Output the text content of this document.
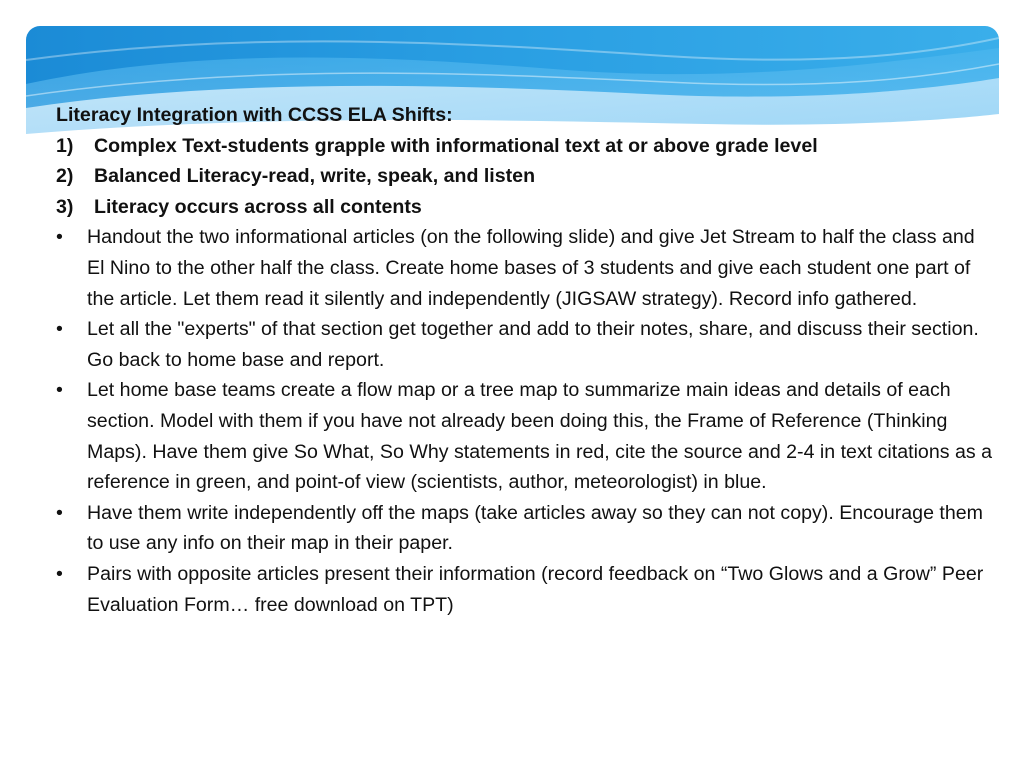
Literacy Integration with CCSS ELA Shifts:
1)	Complex Text-students grapple with informational text at or above grade level
2)	Balanced Literacy-read, write, speak, and listen
3)	Literacy occurs across all contents
• Handout the two informational articles (on the following slide) and give Jet Stream to half the class and El Nino to the other half the class. Create home bases of 3 students and give each student one part of the article. Let them read it silently and independently (JIGSAW strategy). Record info gathered.
• Let all the "experts" of that section get together and add to their notes, share, and discuss their section. Go back to home base and report.
• Let home base teams create a flow map or a tree map to summarize main ideas and details of each section. Model with them if you have not already been doing this, the Frame of Reference (Thinking Maps). Have them give So What, So Why statements in red, cite the source and 2-4 in text citations as a reference in green, and point-of view (scientists, author, meteorologist) in blue.
• Have them write independently off the maps (take articles away so they can not copy). Encourage them to use any info on their map in their paper.
• Pairs with opposite articles present their information (record feedback on “Two Glows and a Grow” Peer Evaluation Form… free download on TPT)
